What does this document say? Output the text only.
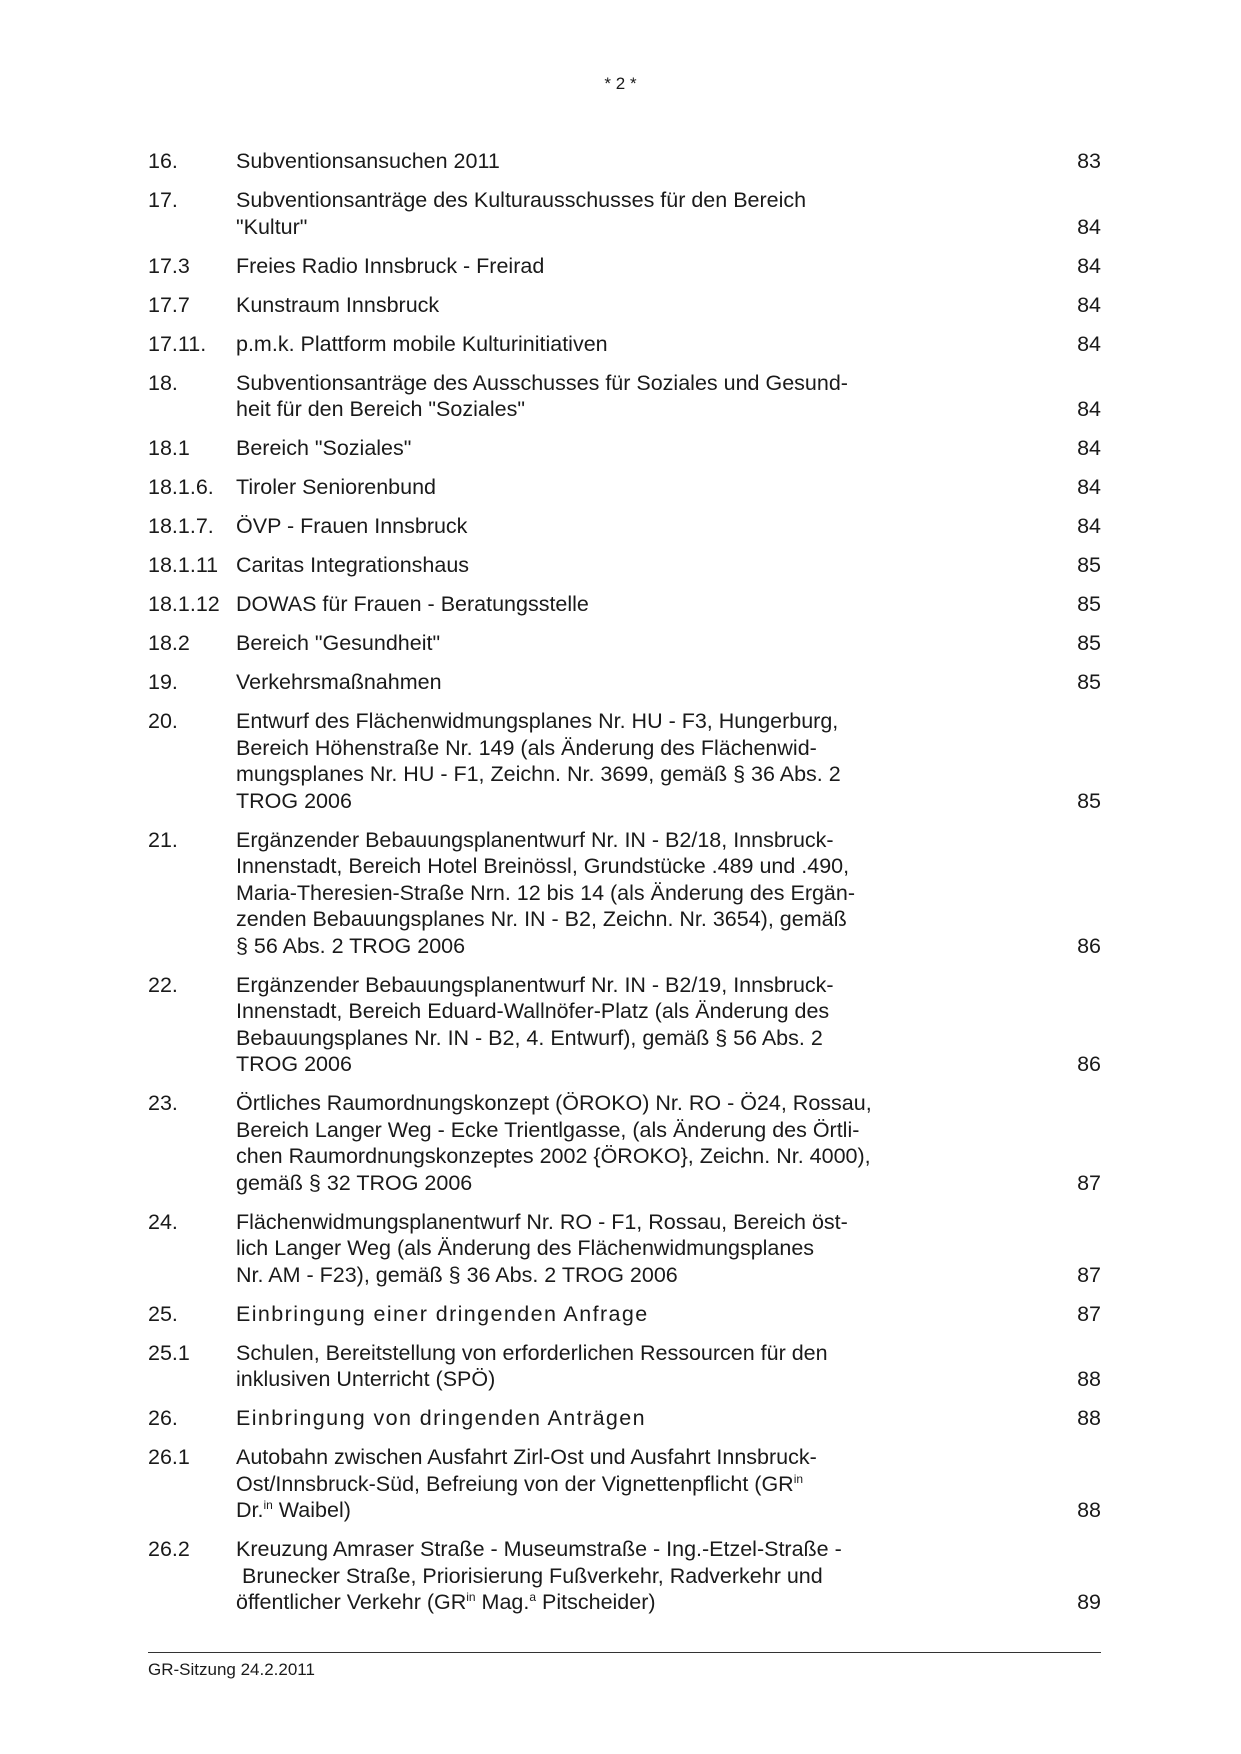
* 2 *
16.	Subventionsansuchen 2011	83
17.	Subventionsanträge des Kulturausschusses für den Bereich
"Kultur"	84
17.3	Freies Radio Innsbruck - Freirad	84
17.7	Kunstraum Innsbruck	84
17.11.	p.m.k. Plattform mobile Kulturinitiativen	84
18.	Subventionsanträge des Ausschusses für Soziales und Gesund-
heit für den Bereich "Soziales"	84
18.1	Bereich "Soziales"	84
18.1.6.	Tiroler Seniorenbund	84
18.1.7.	ÖVP - Frauen Innsbruck	84
18.1.11 Caritas Integrationshaus	85
18.1.12 DOWAS für Frauen - Beratungsstelle	85
18.2	Bereich "Gesundheit"	85
19.	Verkehrsmaßnahmen	85
20.	Entwurf des Flächenwidmungsplanes Nr. HU - F3, Hungerburg,
Bereich Höhenstraße Nr. 149 (als Änderung des Flächenwid-
mungsplanes Nr. HU - F1, Zeichn. Nr. 3699, gemäß § 36 Abs. 2
TROG 2006	85
21.	Ergänzender Bebauungsplanentwurf Nr. IN - B2/18, Innsbruck-
Innenstadt, Bereich Hotel Breinössl, Grundstücke .489 und .490,
Maria-Theresien-Straße Nrn. 12 bis 14 (als Änderung des Ergän-
zenden Bebauungsplanes Nr. IN - B2, Zeichn. Nr. 3654), gemäß
§ 56 Abs. 2 TROG 2006	86
22.	Ergänzender Bebauungsplanentwurf Nr. IN - B2/19, Innsbruck-
Innenstadt, Bereich Eduard-Wallnöfer-Platz (als Änderung des
Bebauungsplanes Nr. IN - B2, 4. Entwurf), gemäß § 56 Abs. 2
TROG 2006	86
23.	Örtliches Raumordnungskonzept (ÖROKO) Nr. RO - Ö24, Rossau,
Bereich Langer Weg - Ecke Trientlgasse, (als Änderung des Örtli-
chen Raumordnungskonzeptes 2002 {ÖROKO}, Zeichn. Nr. 4000),
gemäß § 32 TROG 2006	87
24.	Flächenwidmungsplanentwurf Nr. RO - F1, Rossau, Bereich öst-
lich Langer Weg (als Änderung des Flächenwidmungsplanes
Nr. AM - F23), gemäß § 36 Abs. 2 TROG 2006	87
25.	Einbringung einer dringenden Anfrage	87
25.1	Schulen, Bereitstellung von erforderlichen Ressourcen für den
inklusiven Unterricht (SPÖ)	88
26.	Einbringung von dringenden Anträgen	88
26.1	Autobahn zwischen Ausfahrt Zirl-Ost und Ausfahrt Innsbruck-
Ost/Innsbruck-Süd, Befreiung von der Vignettenpflicht ($GR^{in}$
Dr.$^{in}$ Waibel)	88
26.2	Kreuzung Amraser Straße - Museumstraße - Ing.-Etzel-Straße -
Brunecker Straße, Priorisierung Fußverkehr, Radverkehr und
öffentlicher Verkehr ($GR^{in}$ Mag.$^a$ Pitscheider)	89
GR-Sitzung 24.2.2011
